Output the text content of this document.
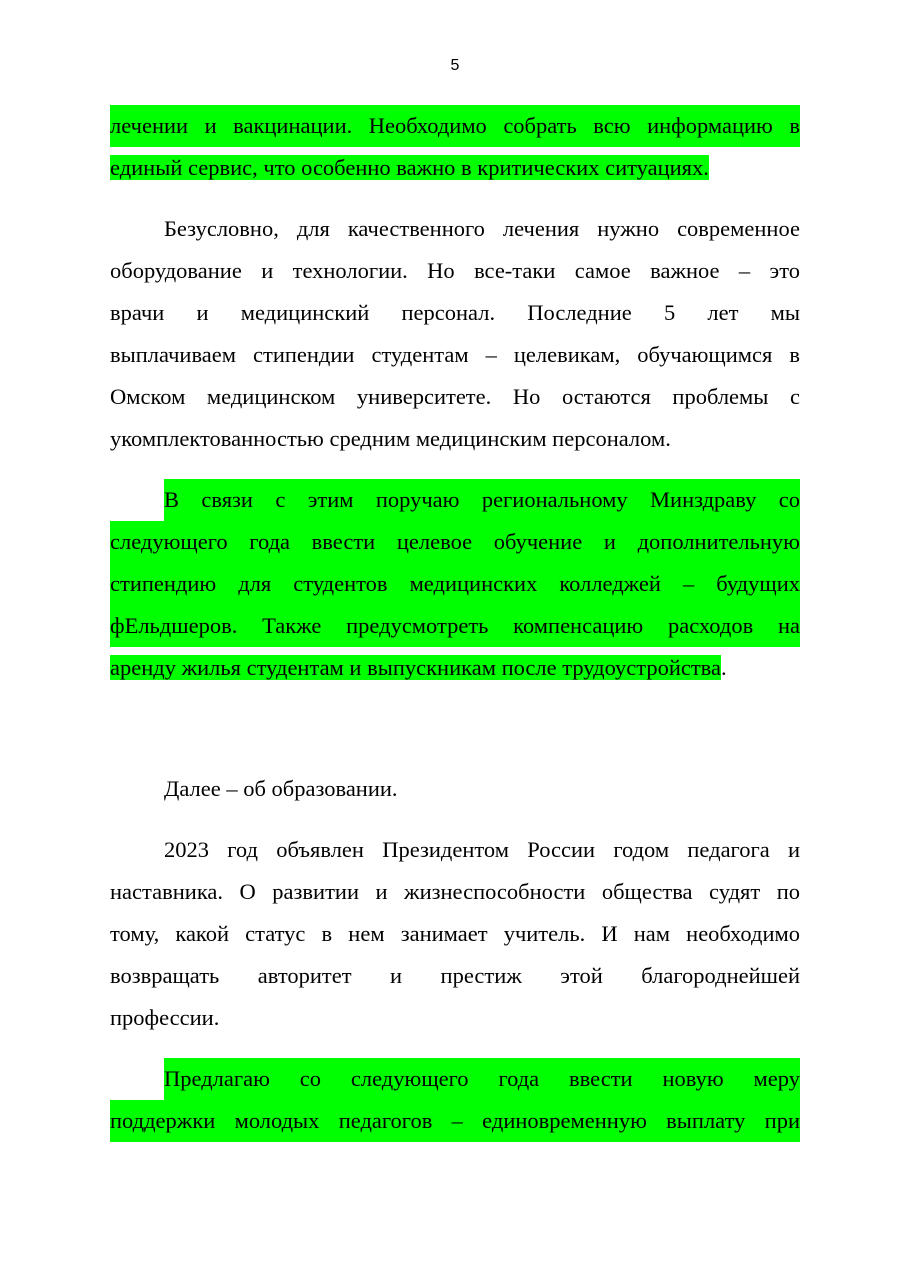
5
лечении и вакцинации. Необходимо собрать всю информацию в
единый сервис, что особенно важно в критических ситуациях.
Безусловно, для качественного лечения нужно современное
оборудование и технологии. Но все-таки самое важное – это
врачи и медицинский персонал. Последние 5 лет мы
выплачиваем стипендии студентам – целевикам, обучающимся в
Омском медицинском университете. Но остаются проблемы с
укомплектованностью средним медицинским персоналом.
В связи с этим поручаю региональному Минздраву со
следующего года ввести целевое обучение и дополнительную
стипендию для студентов медицинских колледжей – будущих
фЕльдшеров. Также предусмотреть компенсацию расходов на
аренду жилья студентам и выпускникам после трудоустройства.
Далее – об образовании.
2023 год объявлен Президентом России годом педагога и
наставника. О развитии и жизнеспособности общества судят по
тому, какой статус в нем занимает учитель. И нам необходимо
возвращать авторитет и престиж этой благороднейшей
профессии.
Предлагаю со следующего года ввести новую меру
поддержки молодых педагогов – единовременную выплату при
